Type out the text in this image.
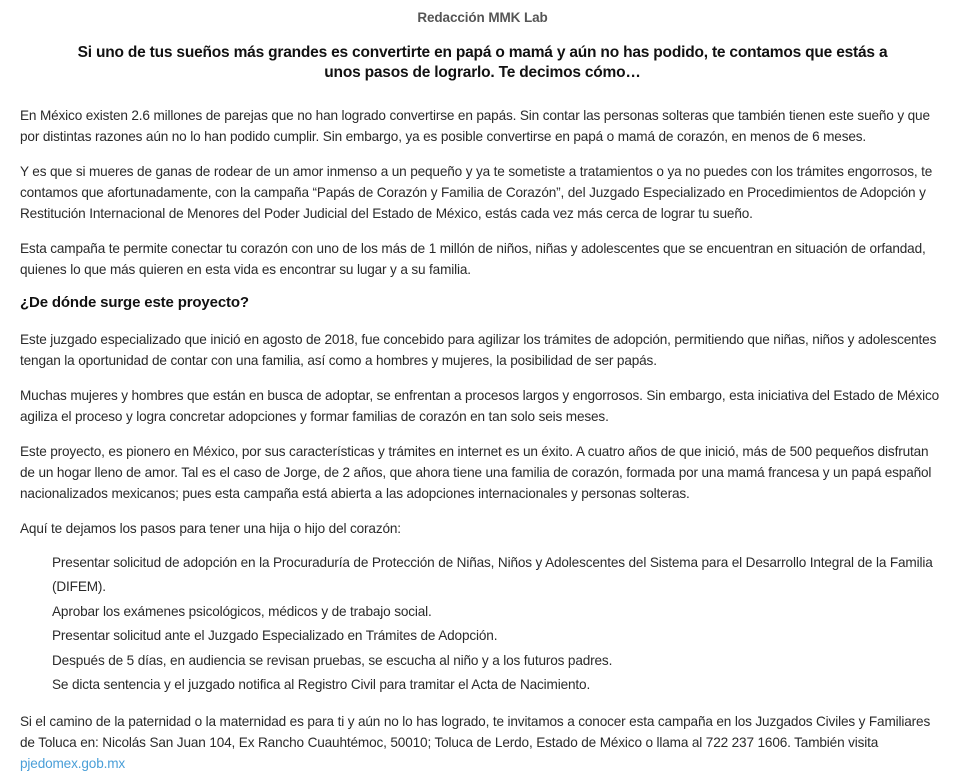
Redacción MMK Lab
Si uno de tus sueños más grandes es convertirte en papá o mamá y aún no has podido, te contamos que estás a unos pasos de lograrlo. Te decimos cómo…

En México existen 2.6 millones de parejas que no han logrado convertirse en papás. Sin contar las personas solteras que también tienen este sueño y que por distintas razones aún no lo han podido cumplir. Sin embargo, ya es posible convertirse en papá o mamá de corazón, en menos de 6 meses.

Y es que si mueres de ganas de rodear de un amor inmenso a un pequeño y ya te sometiste a tratamientos o ya no puedes con los trámites engorrosos, te contamos que afortunadamente, con la campaña “Papás de Corazón y Familia de Corazón”, del Juzgado Especializado en Procedimientos de Adopción y Restitución Internacional de Menores del Poder Judicial del Estado de México, estás cada vez más cerca de lograr tu sueño.

Esta campaña te permite conectar tu corazón con uno de los más de 1 millón de niños, niñas y adolescentes que se encuentran en situación de orfandad, quienes lo que más quieren en esta vida es encontrar su lugar y a su familia.

¿De dónde surge este proyecto?

Este juzgado especializado que inició en agosto de 2018, fue concebido para agilizar los trámites de adopción, permitiendo que niñas, niños y adolescentes tengan la oportunidad de contar con una familia, así como a hombres y mujeres, la posibilidad de ser papás.

Muchas mujeres y hombres que están en busca de adoptar, se enfrentan a procesos largos y engorrosos. Sin embargo, esta iniciativa del Estado de México agiliza el proceso y logra concretar adopciones y formar familias de corazón en tan solo seis meses.

Este proyecto, es pionero en México, por sus características y trámites en internet es un éxito. A cuatro años de que inició, más de 500 pequeños disfrutan de un hogar lleno de amor. Tal es el caso de Jorge, de 2 años, que ahora tiene una familia de corazón, formada por una mamá francesa y un papá español nacionalizados mexicanos; pues esta campaña está abierta a las adopciones internacionales y personas solteras.

Aquí te dejamos los pasos para tener una hija o hijo del corazón:

Presentar solicitud de adopción en la Procuraduría de Protección de Niñas, Niños y Adolescentes del Sistema para el Desarrollo Integral de la Familia (DIFEM).
Aprobar los exámenes psicológicos, médicos y de trabajo social.
Presentar solicitud ante el Juzgado Especializado en Trámites de Adopción.
Después de 5 días, en audiencia se revisan pruebas, se escucha al niño y a los futuros padres.
Se dicta sentencia y el juzgado notifica al Registro Civil para tramitar el Acta de Nacimiento.

Si el camino de la paternidad o la maternidad es para ti y aún no lo has logrado, te invitamos a conocer esta campaña en los Juzgados Civiles y Familiares de Toluca en: Nicolás San Juan 104, Ex Rancho Cuauhtémoc, 50010; Toluca de Lerdo, Estado de México o llama al 722 237 1606. También visita pjedomex.gob.mx
